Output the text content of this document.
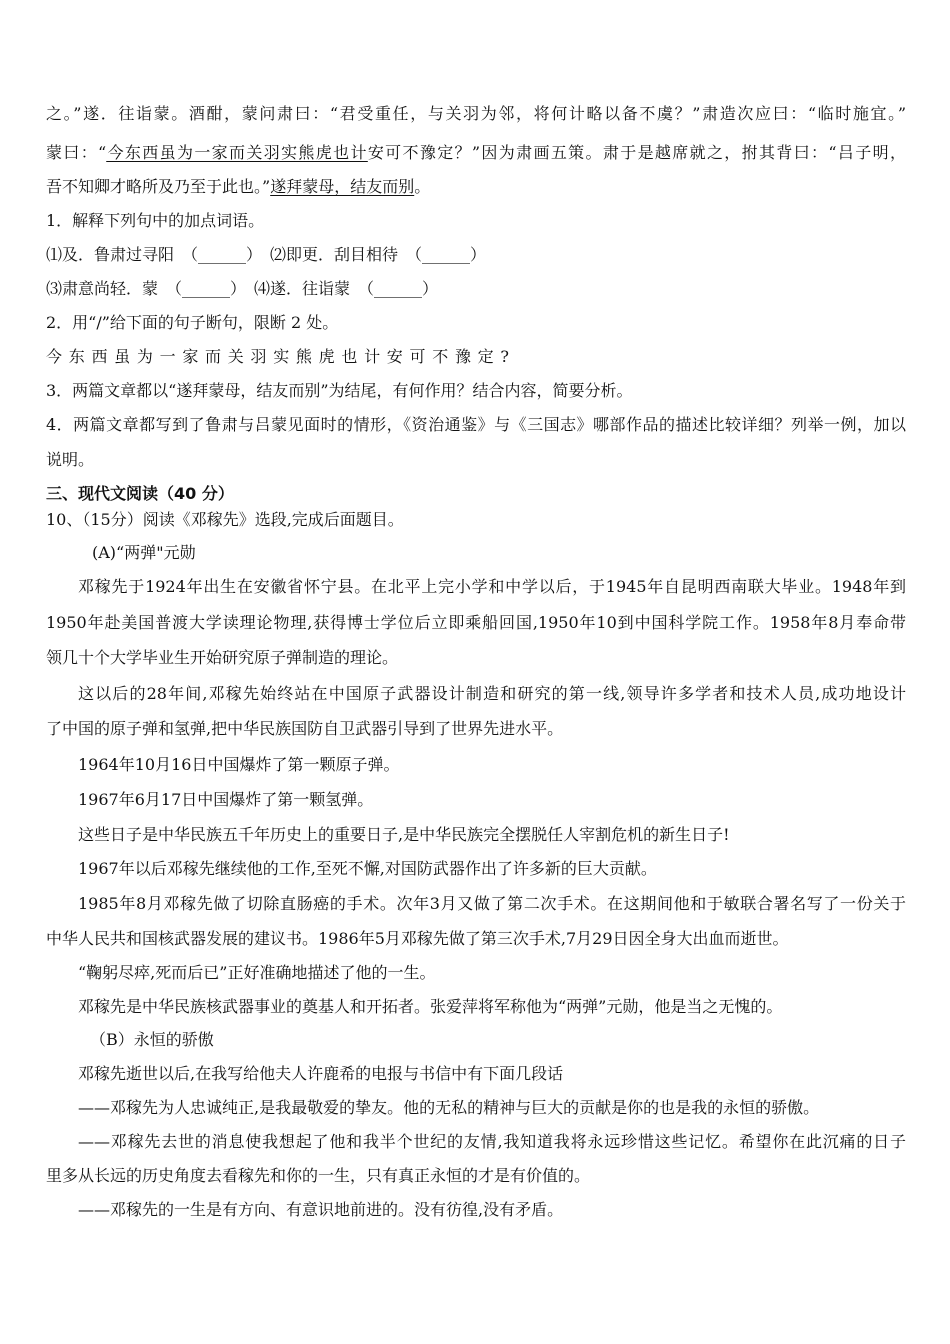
之。”遂．往诣蒙。酒酣，蒙问肃曰：“君受重任，与关羽为邻，将何计略以备不虞？”肃造次应曰：“临时施宜。”
蒙曰：“今东西虽为一家而关羽实熊虎也计安可不豫定？”因为肃画五策。肃于是越席就之，拊其背曰：“吕子明，
吾不知卿才略所及乃至于此也。”遂拜蒙母，结友而别。
1．解释下列句中的加点词语。
⑴及．鲁肃过寻阳　（______）　⑵即更．刮目相待　（______）
⑶肃意尚轻．蒙　（______）　⑷遂．往诣蒙　（______）
2．用“/”给下面的句子断句，限断 2 处。
今东西虽为一家而关羽实熊虎也计安可不豫定?
3．两篇文章都以“遂拜蒙母，结友而别”为结尾，有何作用？结合内容，简要分析。
4．两篇文章都写到了鲁肃与吕蒙见面时的情形，《资治通鉴》与《三国志》哪部作品的描述比较详细？列举一例，加以
说明。
三、现代文阅读（40 分）
10、（15分）阅读《邓稼先》选段,完成后面题目。
(A)“两弹"元勋
邓稼先于1924年出生在安徽省怀宁县。在北平上完小学和中学以后，于1945年自昆明西南联大毕业。1948年到
1950年赴美国普渡大学读理论物理,获得博士学位后立即乘船回国,1950年10到中国科学院工作。1958年8月奉命带
领几十个大学毕业生开始研究原子弹制造的理论。
这以后的28年间,邓稼先始终站在中国原子武器设计制造和研究的第一线,领导许多学者和技术人员,成功地设计
了中国的原子弹和氢弹,把中华民族国防自卫武器引导到了世界先进水平。
1964年10月16日中国爆炸了第一颗原子弹。
1967年6月17日中国爆炸了第一颗氢弹。
这些日子是中华民族五千年历史上的重要日子,是中华民族完全摆脱任人宰割危机的新生日子!
1967年以后邓稼先继续他的工作,至死不懈,对国防武器作出了许多新的巨大贡献。
1985年8月邓稼先做了切除直肠癌的手术。次年3月又做了第二次手术。在这期间他和于敏联合署名写了一份关于
中华人民共和国核武器发展的建议书。1986年5月邓稼先做了第三次手术,7月29日因全身大出血而逝世。
“鞠躬尽瘁,死而后已”正好准确地描述了他的一生。
邓稼先是中华民族核武器事业的奠基人和开拓者。张爱萍将军称他为“两弹”元勋，他是当之无愧的。
（B）永恒的骄傲
邓稼先逝世以后,在我写给他夫人许鹿希的电报与书信中有下面几段话
——邓稼先为人忠诚纯正,是我最敬爱的挚友。他的无私的精神与巨大的贡献是你的也是我的永恒的骄傲。
——邓稼先去世的消息使我想起了他和我半个世纪的友情,我知道我将永远珍惜这些记忆。希望你在此沉痛的日子
里多从长远的历史角度去看稼先和你的一生，只有真正永恒的才是有价值的。
——邓稼先的一生是有方向、有意识地前进的。没有彷徨,没有矛盾。
